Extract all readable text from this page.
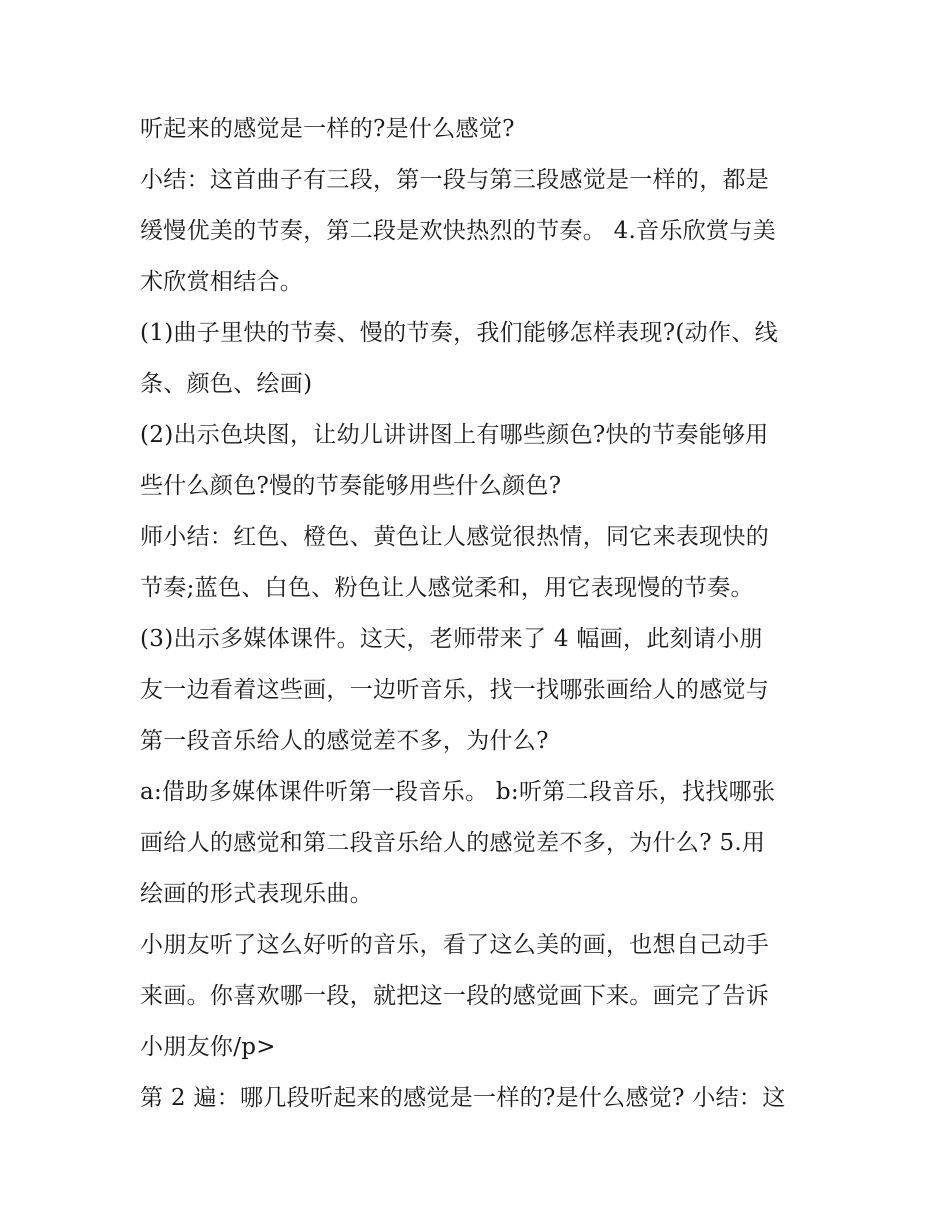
听起来的感觉是一样的?是什么感觉?
小结：这首曲子有三段，第一段与第三段感觉是一样的，都是
缓慢优美的节奏，第二段是欢快热烈的节奏。 4.音乐欣赏与美
术欣赏相结合。
(1)曲子里快的节奏、慢的节奏，我们能够怎样表现?(动作、线
条、颜色、绘画)
(2)出示色块图，让幼儿讲讲图上有哪些颜色?快的节奏能够用
些什么颜色?慢的节奏能够用些什么颜色?
师小结：红色、橙色、黄色让人感觉很热情，同它来表现快的
节奏;蓝色、白色、粉色让人感觉柔和，用它表现慢的节奏。
(3)出示多媒体课件。这天，老师带来了 4 幅画，此刻请小朋
友一边看着这些画，一边听音乐，找一找哪张画给人的感觉与
第一段音乐给人的感觉差不多，为什么?
a:借助多媒体课件听第一段音乐。 b:听第二段音乐，找找哪张
画给人的感觉和第二段音乐给人的感觉差不多，为什么? 5.用
绘画的形式表现乐曲。
小朋友听了这么好听的音乐，看了这么美的画，也想自己动手
来画。你喜欢哪一段，就把这一段的感觉画下来。画完了告诉
小朋友你/p>
第 2 遍：哪几段听起来的感觉是一样的?是什么感觉? 小结：这
